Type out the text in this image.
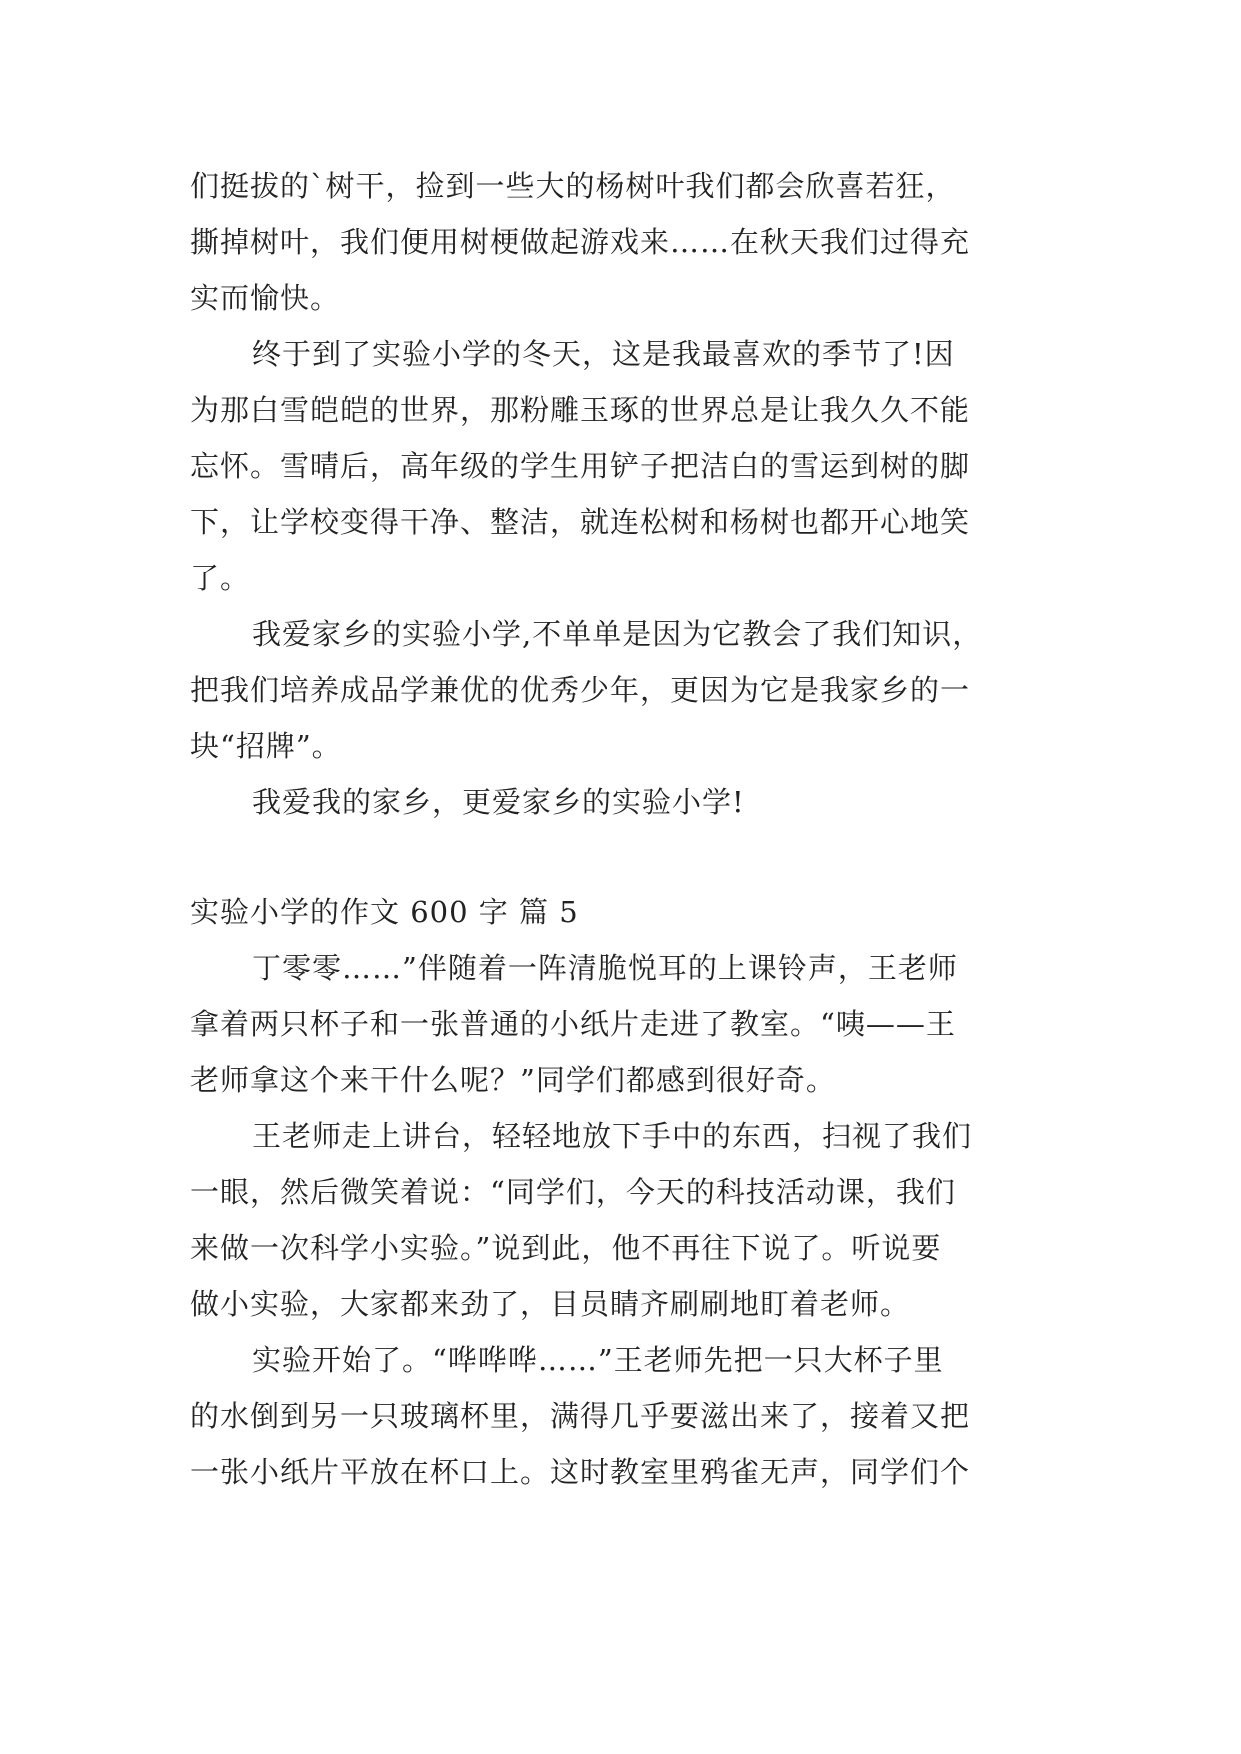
们挺拔的`树干，捡到一些大的杨树叶我们都会欣喜若狂，
撕掉树叶，我们便用树梗做起游戏来……在秋天我们过得充
实而愉快。
终于到了实验小学的冬天，这是我最喜欢的季节了!因
为那白雪皑皑的世界，那粉雕玉琢的世界总是让我久久不能
忘怀。雪晴后，高年级的学生用铲子把洁白的雪运到树的脚
下，让学校变得干净、整洁，就连松树和杨树也都开心地笑
了。
我爱家乡的实验小学,不单单是因为它教会了我们知识，
把我们培养成品学兼优的优秀少年，更因为它是我家乡的一
块“招牌”。
我爱我的家乡，更爱家乡的实验小学!
实验小学的作文 600 字 篇 5
丁零零……”伴随着一阵清脆悦耳的上课铃声，王老师
拿着两只杯子和一张普通的小纸片走进了教室。“咦——王
老师拿这个来干什么呢？”同学们都感到很好奇。
王老师走上讲台，轻轻地放下手中的东西，扫视了我们
一眼，然后微笑着说：“同学们，今天的科技活动课，我们
来做一次科学小实验。”说到此，他不再往下说了。听说要
做小实验，大家都来劲了，目员睛齐刷刷地盯着老师。
实验开始了。“哗哗哗……”王老师先把一只大杯子里
的水倒到另一只玻璃杯里，满得几乎要滋出来了，接着又把
一张小纸片平放在杯口上。这时教室里鸦雀无声，同学们个
